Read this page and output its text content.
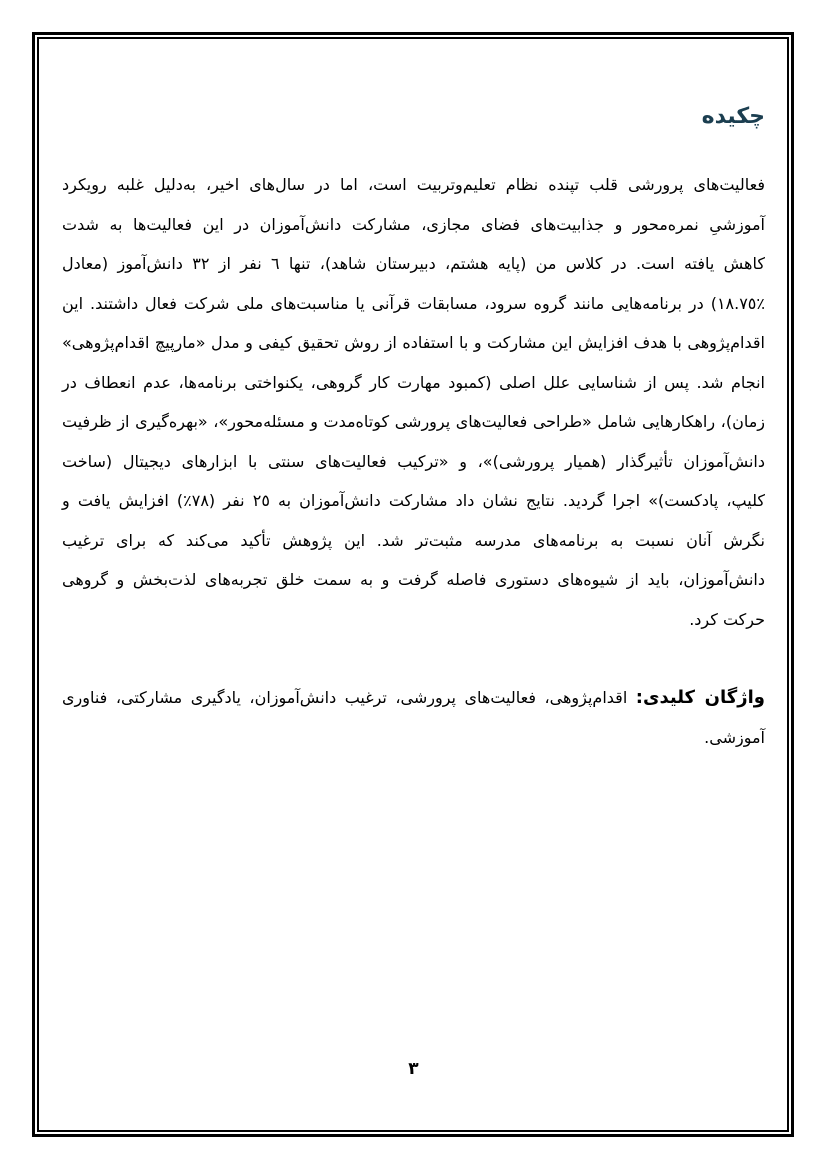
چکیده
فعالیت‌های پرورشی قلب تپنده نظام تعلیم‌وتربیت است، اما در سال‌های اخیر، به‌دلیل غلبه رویکرد
آموزشیِ نمره‌محور و جذابیت‌های فضای مجازی، مشارکت دانش‌آموزان در این فعالیت‌ها به شدت
کاهش یافته است. در کلاس من (پایه هشتم، دبیرستان شاهد)، تنها ٦ نفر از ٣٢ دانش‌آموز (معادل
٪١٨.٧٥) در برنامه‌هایی مانند گروه سرود، مسابقات قرآنی یا مناسبت‌های ملی شرکت فعال داشتند. این
اقدام‌پژوهی با هدف افزایش این مشارکت و با استفاده از روش تحقیق کیفی و مدل «مارپیچ اقدام‌پژوهی»
انجام شد. پس از شناسایی علل اصلی (کمبود مهارت کار گروهی، یکنواختی برنامه‌ها، عدم انعطاف در
زمان)، راهکارهایی شامل «طراحی فعالیت‌های پرورشی کوتاه‌مدت و مسئله‌محور»، «بهره‌گیری از ظرفیت
دانش‌آموزان تأثیرگذار (همیار پرورشی)»، و «ترکیب فعالیت‌های سنتی با ابزارهای دیجیتال (ساخت
کلیپ، پادکست)» اجرا گردید. نتایج نشان داد مشارکت دانش‌آموزان به ٢٥ نفر (٧٨٪) افزایش یافت و
نگرش آنان نسبت به برنامه‌های مدرسه مثبت‌تر شد. این پژوهش تأکید می‌کند که برای ترغیب
دانش‌آموزان، باید از شیوه‌های دستوری فاصله گرفت و به سمت خلق تجربه‌های لذت‌بخش و گروهی
حرکت کرد.
واژگان کلیدی: اقدام‌پژوهی، فعالیت‌های پرورشی، ترغیب دانش‌آموزان، یادگیری مشارکتی، فناوری
آموزشی.
٣
